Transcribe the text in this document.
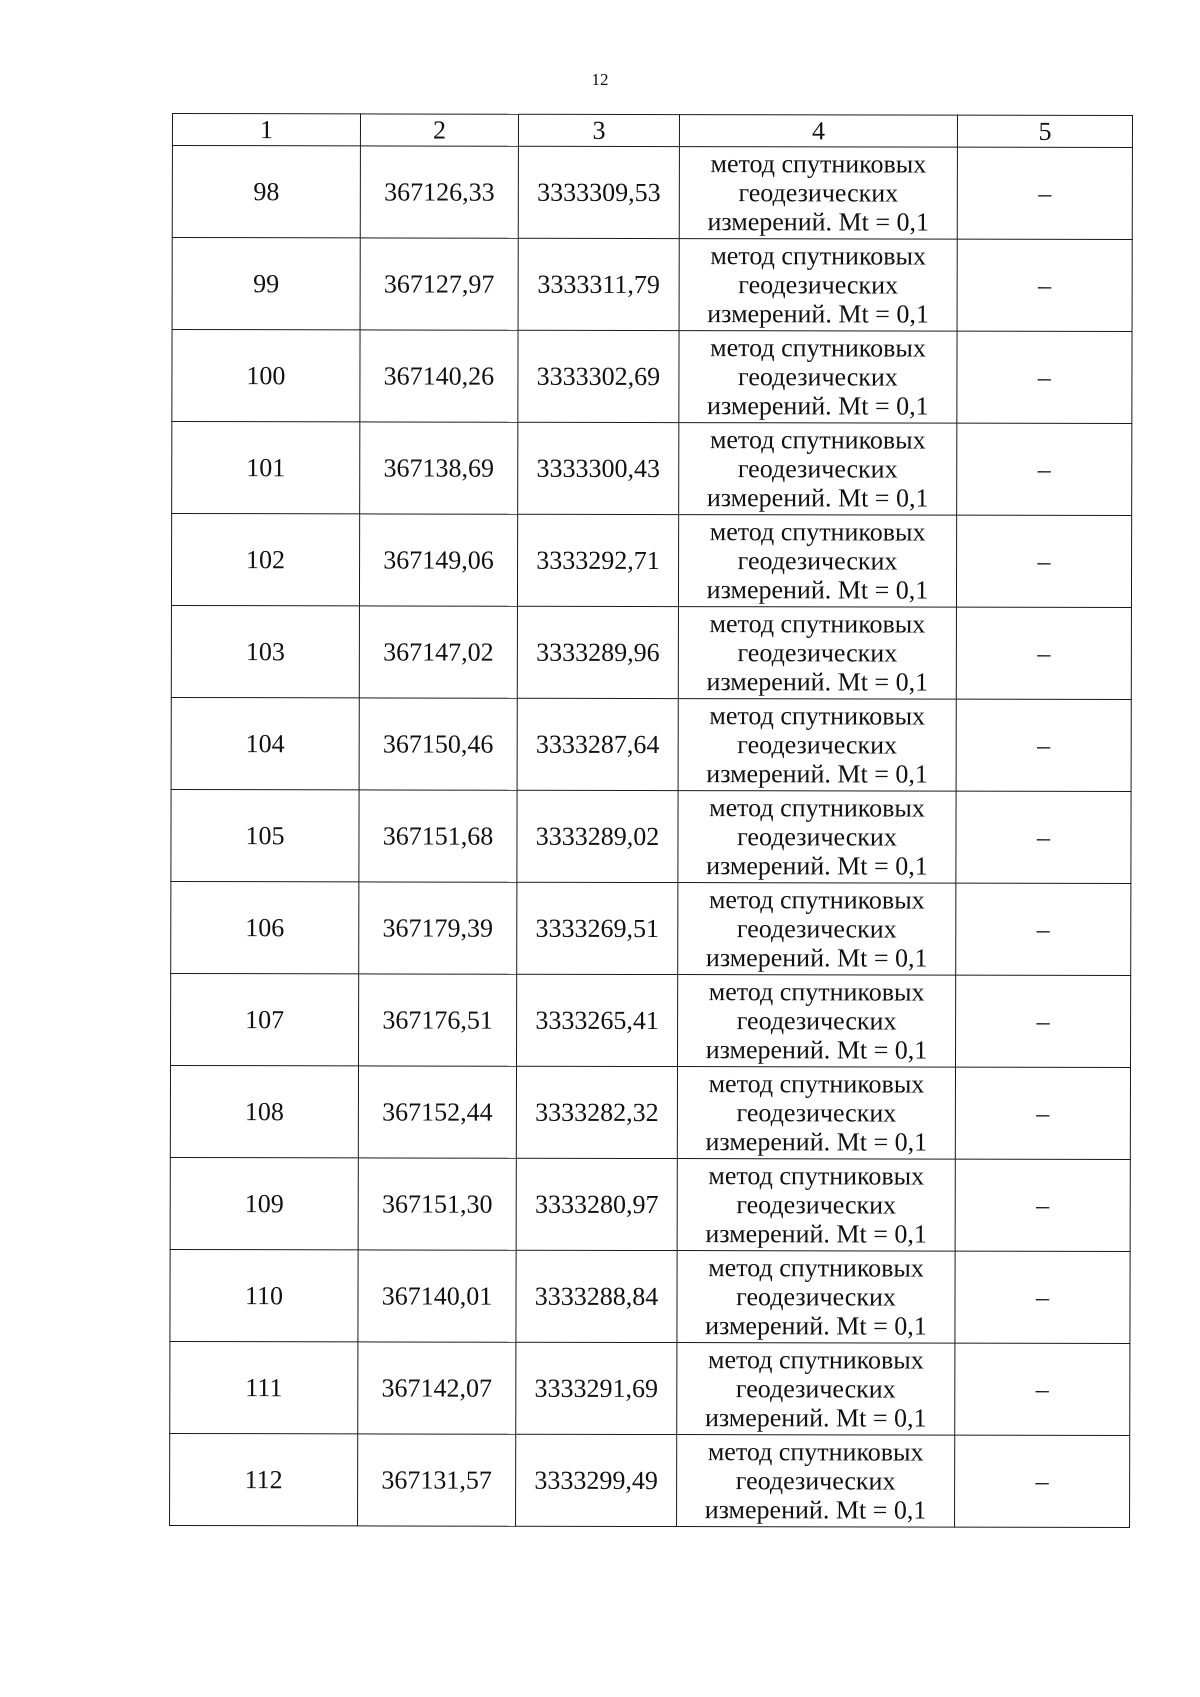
12
1	2	3	4	5
98	367126,33	3333309,53	метод спутниковых
геодезических
измерений. Mt = 0,1	–
99	367127,97	3333311,79	метод спутниковых
геодезических
измерений. Mt = 0,1	–
100	367140,26	3333302,69	метод спутниковых
геодезических
измерений. Mt = 0,1	–
101	367138,69	3333300,43	метод спутниковых
геодезических
измерений. Mt = 0,1	–
102	367149,06	3333292,71	метод спутниковых
геодезических
измерений. Mt = 0,1	–
103	367147,02	3333289,96	метод спутниковых
геодезических
измерений. Mt = 0,1	–
104	367150,46	3333287,64	метод спутниковых
геодезических
измерений. Mt = 0,1	–
105	367151,68	3333289,02	метод спутниковых
геодезических
измерений. Mt = 0,1	–
106	367179,39	3333269,51	метод спутниковых
геодезических
измерений. Mt = 0,1	–
107	367176,51	3333265,41	метод спутниковых
геодезических
измерений. Mt = 0,1	–
108	367152,44	3333282,32	метод спутниковых
геодезических
измерений. Mt = 0,1	–
109	367151,30	3333280,97	метод спутниковых
геодезических
измерений. Mt = 0,1	–
110	367140,01	3333288,84	метод спутниковых
геодезических
измерений. Mt = 0,1	–
111	367142,07	3333291,69	метод спутниковых
геодезических
измерений. Mt = 0,1	–
112	367131,57	3333299,49	метод спутниковых
геодезических
измерений. Mt = 0,1	–
